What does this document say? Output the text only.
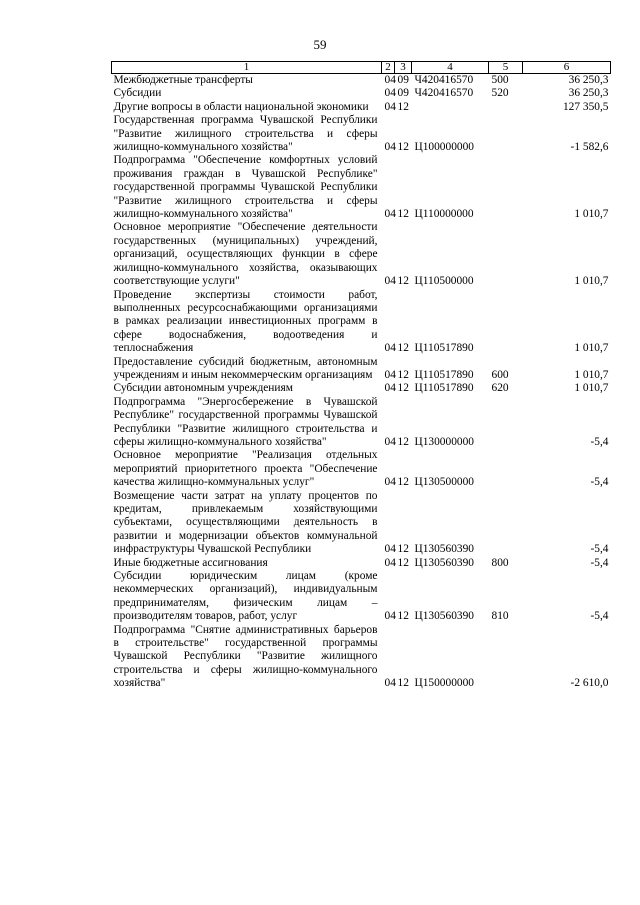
59
1	2	3	4	5	6
Межбюджетные трансферты	04	09	Ч420416570	500	36 250,3
Субсидии	04	09	Ч420416570	520	36 250,3
Другие вопросы в области национальной экономики	04	12			127 350,5
Государственная программа Чувашской Республики "Развитие жилищного строительства и сферы жилищно-коммунального хозяйства"	04	12	Ц100000000		-1 582,6
Подпрограмма "Обеспечение комфортных условий проживания граждан в Чувашской Республике" государственной программы Чувашской Республики "Развитие жилищного строительства и сферы жилищно-коммунального хозяйства"	04	12	Ц110000000		1 010,7
Основное мероприятие "Обеспечение деятельности государственных (муниципальных) учреждений, организаций, осуществляющих функции в сфере жилищно-коммунального хозяйства, оказывающих соответствующие услуги"	04	12	Ц110500000		1 010,7
Проведение экспертизы стоимости работ, выполненных ресурсоснабжающими организациями в рамках реализации инвестиционных программ в сфере водоснабжения, водоотведения и теплоснабжения	04	12	Ц110517890		1 010,7
Предоставление субсидий бюджетным, автономным учреждениям и иным некоммерческим организациям	04	12	Ц110517890	600	1 010,7
Субсидии автономным учреждениям	04	12	Ц110517890	620	1 010,7
Подпрограмма "Энергосбережение в Чувашской Республике" государственной программы Чувашской Республики "Развитие жилищного строительства и сферы жилищно-коммунального хозяйства"	04	12	Ц130000000		-5,4
Основное мероприятие "Реализация отдельных мероприятий приоритетного проекта "Обеспечение качества жилищно-коммунальных услуг"	04	12	Ц130500000		-5,4
Возмещение части затрат на уплату процентов по кредитам, привлекаемым хозяйствующими субъектами, осуществляющими деятельность в развитии и модернизации объектов коммунальной инфраструктуры Чувашской Республики	04	12	Ц130560390		-5,4
Иные бюджетные ассигнования	04	12	Ц130560390	800	-5,4
Субсидии юридическим лицам (кроме некоммерческих организаций), индивидуальным предпринимателям, физическим лицам – производителям товаров, работ, услуг	04	12	Ц130560390	810	-5,4
Подпрограмма "Снятие административных барьеров в строительстве" государственной программы Чувашской Республики "Развитие жилищного строительства и сферы жилищно-коммунального хозяйства"	04	12	Ц150000000		-2 610,0
